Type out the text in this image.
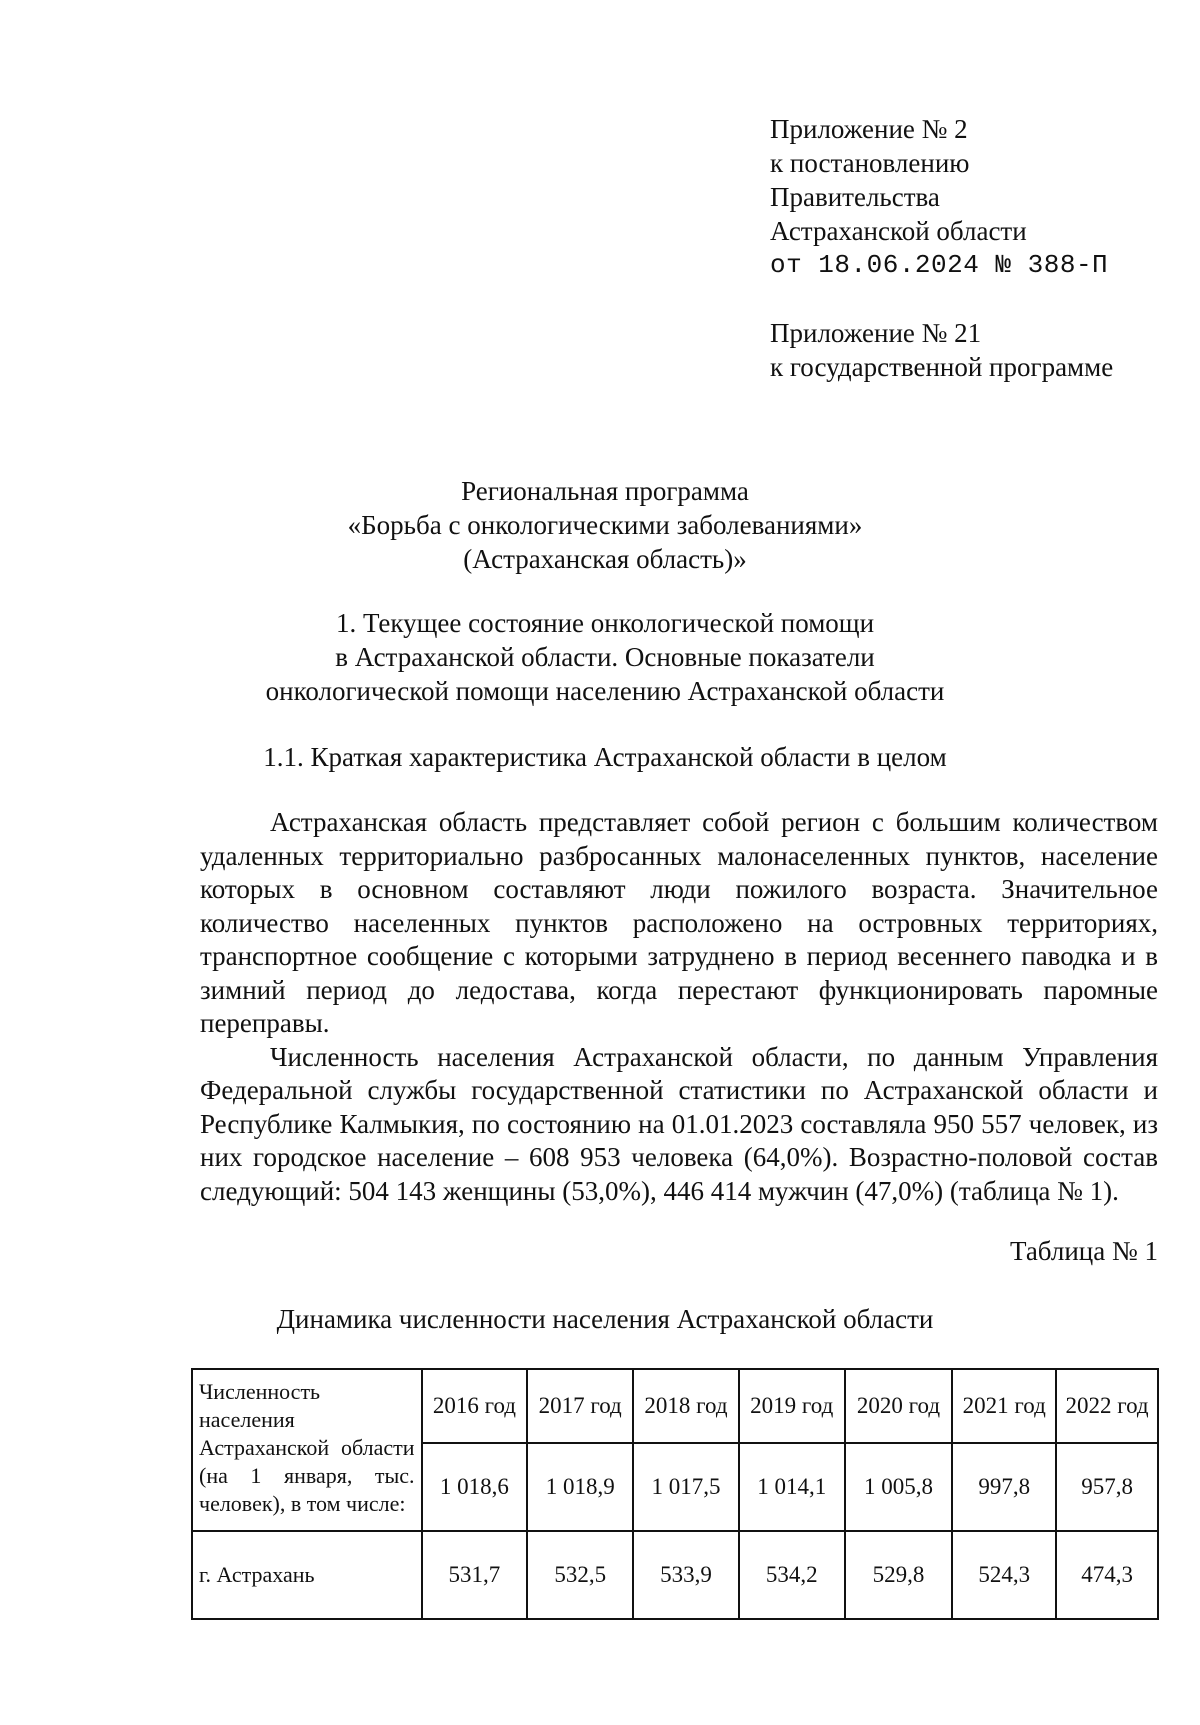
Приложение № 2
к постановлению
Правительства
Астраханской области
от 18.06.2024 № 388-П
Приложение № 21
к государственной программе
Региональная программа
«Борьба с онкологическими заболеваниями»
(Астраханская область)»
1. Текущее состояние онкологической помощи
в Астраханской области. Основные показатели
онкологической помощи населению Астраханской области
1.1. Краткая характеристика Астраханской области в целом

Астраханская область представляет собой регион с большим количеством удаленных территориально разбросанных малонаселенных пунктов, население которых в основном составляют люди пожилого возраста. Значительное количество населенных пунктов расположено на островных территориях, транспортное сообщение с которыми затруднено в период весеннего паводка и в зимний период до ледостава, когда перестают функционировать паромные переправы.

Численность населения Астраханской области, по данным Управления Федеральной службы государственной статистики по Астраханской области и Республике Калмыкия, по состоянию на 01.01.2023 составляла 950 557 человек, из них городское население – 608 953 человека (64,0%). Возрастно-половой состав следующий: 504 143 женщины (53,0%), 446 414 мужчин (47,0%) (таблица № 1).

Таблица № 1
Динамика численности населения Астраханской области
Численность населения Астраханской области (на 1 января, тыс. человек), в том числе:	2016 год	2017 год	2018 год	2019 год	2020 год	2021 год	2022 год
	1 018,6	1 018,9	1 017,5	1 014,1	1 005,8	997,8	957,8
г. Астрахань	531,7	532,5	533,9	534,2	529,8	524,3	474,3
